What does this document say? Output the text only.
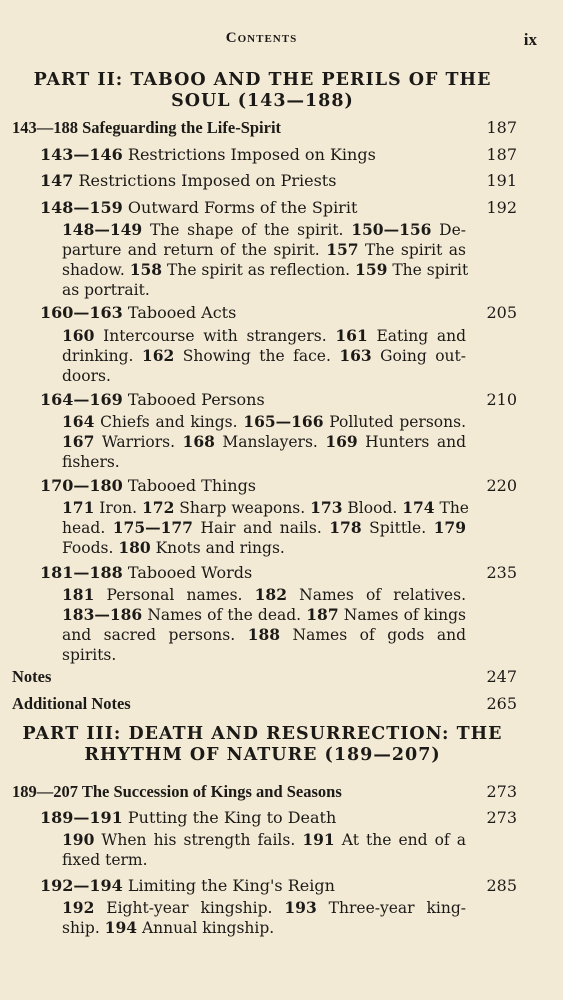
Contents	ix
PART II: TABOO AND THE PERILS OF THE
SOUL (143—188)
143—188 Safeguarding the Life-Spirit	187
143—146 Restrictions Imposed on Kings	187
147 Restrictions Imposed on Priests	191
148—159 Outward Forms of the Spirit	192
148—149 The shape of the spirit. 150—156 De-
parture and return of the spirit. 157 The spirit as
shadow. 158 The spirit as reflection. 159 The spirit
as portrait.
160—163 Tabooed Acts	205
160 Intercourse with strangers. 161 Eating and
drinking. 162 Showing the face. 163 Going out-
doors.
164—169 Tabooed Persons	210
164 Chiefs and kings. 165—166 Polluted persons.
167 Warriors. 168 Manslayers. 169 Hunters and
fishers.
170—180 Tabooed Things	220
171 Iron. 172 Sharp weapons. 173 Blood. 174 The
head. 175—177 Hair and nails. 178 Spittle. 179
Foods. 180 Knots and rings.
181—188 Tabooed Words	235
181 Personal names. 182 Names of relatives.
183—186 Names of the dead. 187 Names of kings
and sacred persons. 188 Names of gods and
spirits.
Notes	247
Additional Notes	265
PART III: DEATH AND RESURRECTION: THE
RHYTHM OF NATURE (189—207)
189—207 The Succession of Kings and Seasons	273
189—191 Putting the King to Death	273
190 When his strength fails. 191 At the end of a
fixed term.
192—194 Limiting the King's Reign	285
192 Eight-year kingship. 193 Three-year king-
ship. 194 Annual kingship.
